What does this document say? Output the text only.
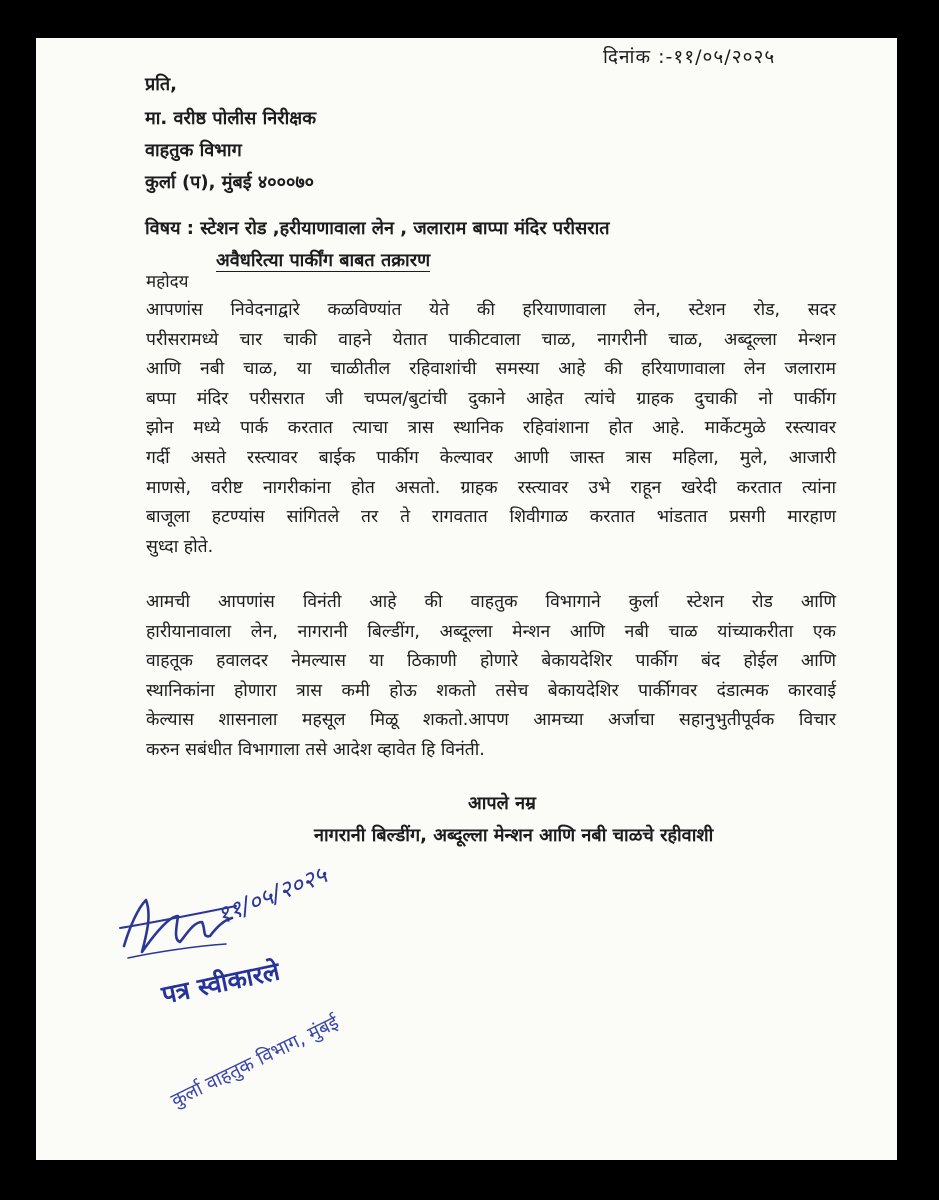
दिनांक :-११/०५/२०२५
प्रति,
मा. वरीष्ठ पोलीस निरीक्षक
वाहतुक विभाग
कुर्ला (प), मुंबई ४०००७०
विषय : स्टेशन रोड ,हरीयाणावाला लेन , जलाराम बाप्पा मंदिर परीसरात
अवैधरित्या पार्कींग बाबत तक्रारण
महोदय
आपणांस निवेदनाद्वारे कळविण्यांत येते की हरियाणावाला लेन, स्टेशन रोड, सदर
परीसरामध्ये चार चाकी वाहने येतात पाकीटवाला चाळ, नागरीनी चाळ, अब्दूल्ला मेन्शन
आणि नबी चाळ, या चाळीतील रहिवाशांची समस्या आहे की हरियाणावाला लेन जलाराम
बप्पा मंदिर परीसरात जी चप्पल/बुटांची दुकाने आहेत त्यांचे ग्राहक दुचाकी नो पार्कीग
झोन मध्ये पार्क करतात त्याचा त्रास स्थानिक रहिवांशाना होत आहे. मार्केटमुळे रस्त्यावर
गर्दी असते रस्त्यावर बाईक पार्कीग केल्यावर आणी जास्त त्रास महिला, मुले, आजारी
माणसे, वरीष्ट नागरीकांना होत असतो. ग्राहक रस्त्यावर उभे राहून खरेदी करतात त्यांना
बाजूला हटण्यांस सांगितले तर ते रागवतात शिवीगाळ करतात भांडतात प्रसगी मारहाण
सुध्दा होते.
आमची आपणांस विनंती आहे की वाहतुक विभागाने कुर्ला स्टेशन रोड आणि
हारीयानावाला लेन, नागरानी बिल्डींग, अब्दूल्ला मेन्शन आणि नबी चाळ यांच्याकरीता एक
वाहतूक हवालदर नेमल्यास या ठिकाणी होणारे बेकायदेशिर पार्कीग बंद होईल आणि
स्थानिकांना होणारा त्रास कमी होऊ शकतो तसेच बेकायदेशिर पार्कीगवर दंडात्मक कारवाई
केल्यास शासनाला महसूल मिळू शकतो.आपण आमच्या अर्जाचा सहानुभुतीपूर्वक विचार
करुन सबंधीत विभागाला तसे आदेश व्हावेत हि विनंती.
आपले नम्र
नागरानी बिल्डींग, अब्दूल्ला मेन्शन आणि नबी चाळचे रहीवाशी
११/०५/२०२५
पत्र स्वीकारले
कुर्ला वाहतुक विभाग, मुंबई
